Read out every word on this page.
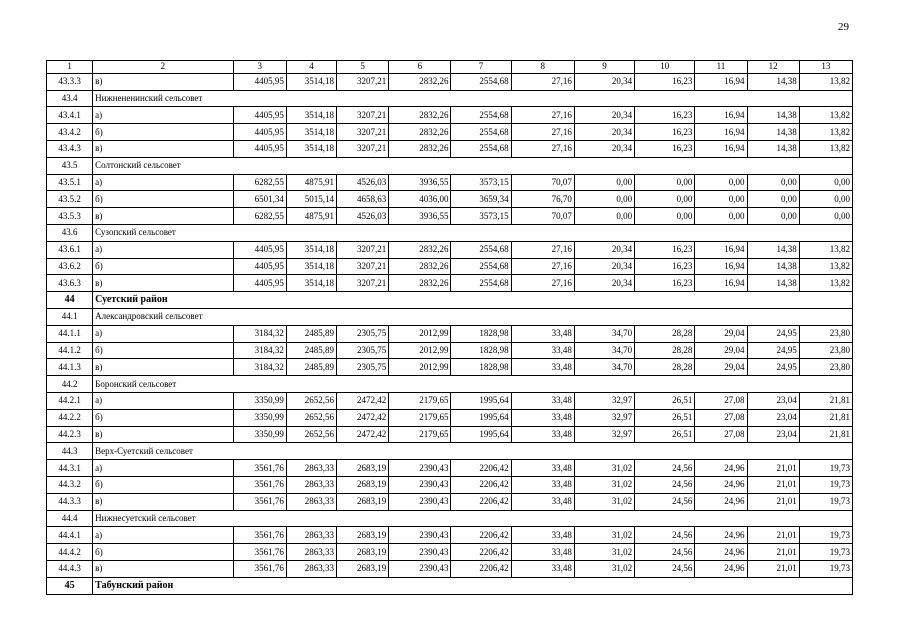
29
1	2	3	4	5	6	7	8	9	10	11	12	13
43.3.3	в)	4405,95	3514,18	3207,21	2832,26	2554,68	27,16	20,34	16,23	16,94	14,38	13,82
43.4	Нижнененинский сельсовет											
43.4.1	а)	4405,95	3514,18	3207,21	2832,26	2554,68	27,16	20,34	16,23	16,94	14,38	13,82
43.4.2	б)	4405,95	3514,18	3207,21	2832,26	2554,68	27,16	20,34	16,23	16,94	14,38	13,82
43.4.3	в)	4405,95	3514,18	3207,21	2832,26	2554,68	27,16	20,34	16,23	16,94	14,38	13,82
43.5	Солтонский сельсовет											
43.5.1	а)	6282,55	4875,91	4526,03	3936,55	3573,15	70,07	0,00	0,00	0,00	0,00	0,00
43.5.2	б)	6501,34	5015,14	4658,63	4036,00	3659,34	76,70	0,00	0,00	0,00	0,00	0,00
43.5.3	в)	6282,55	4875,91	4526,03	3936,55	3573,15	70,07	0,00	0,00	0,00	0,00	0,00
43.6	Сузопский сельсовет											
43.6.1	а)	4405,95	3514,18	3207,21	2832,26	2554,68	27,16	20,34	16,23	16,94	14,38	13,82
43.6.2	б)	4405,95	3514,18	3207,21	2832,26	2554,68	27,16	20,34	16,23	16,94	14,38	13,82
43.6.3	в)	4405,95	3514,18	3207,21	2832,26	2554,68	27,16	20,34	16,23	16,94	14,38	13,82
44	Суетский район											
44.1	Александровский сельсовет											
44.1.1	а)	3184,32	2485,89	2305,75	2012,99	1828,98	33,48	34,70	28,28	29,04	24,95	23,80
44.1.2	б)	3184,32	2485,89	2305,75	2012,99	1828,98	33,48	34,70	28,28	29,04	24,95	23,80
44.1.3	в)	3184,32	2485,89	2305,75	2012,99	1828,98	33,48	34,70	28,28	29,04	24,95	23,80
44.2	Боронский сельсовет											
44.2.1	а)	3350,99	2652,56	2472,42	2179,65	1995,64	33,48	32,97	26,51	27,08	23,04	21,81
44.2.2	б)	3350,99	2652,56	2472,42	2179,65	1995,64	33,48	32,97	26,51	27,08	23,04	21,81
44.2.3	в)	3350,99	2652,56	2472,42	2179,65	1995,64	33,48	32,97	26,51	27,08	23,04	21,81
44.3	Верх-Суетский сельсовет											
44.3.1	а)	3561,76	2863,33	2683,19	2390,43	2206,42	33,48	31,02	24,56	24,96	21,01	19,73
44.3.2	б)	3561,76	2863,33	2683,19	2390,43	2206,42	33,48	31,02	24,56	24,96	21,01	19,73
44.3.3	в)	3561,76	2863,33	2683,19	2390,43	2206,42	33,48	31,02	24,56	24,96	21,01	19,73
44.4	Нижнесуетский сельсовет											
44.4.1	а)	3561,76	2863,33	2683,19	2390,43	2206,42	33,48	31,02	24,56	24,96	21,01	19,73
44.4.2	б)	3561,76	2863,33	2683,19	2390,43	2206,42	33,48	31,02	24,56	24,96	21,01	19,73
44.4.3	в)	3561,76	2863,33	2683,19	2390,43	2206,42	33,48	31,02	24,56	24,96	21,01	19,73
45	Табунский район											
